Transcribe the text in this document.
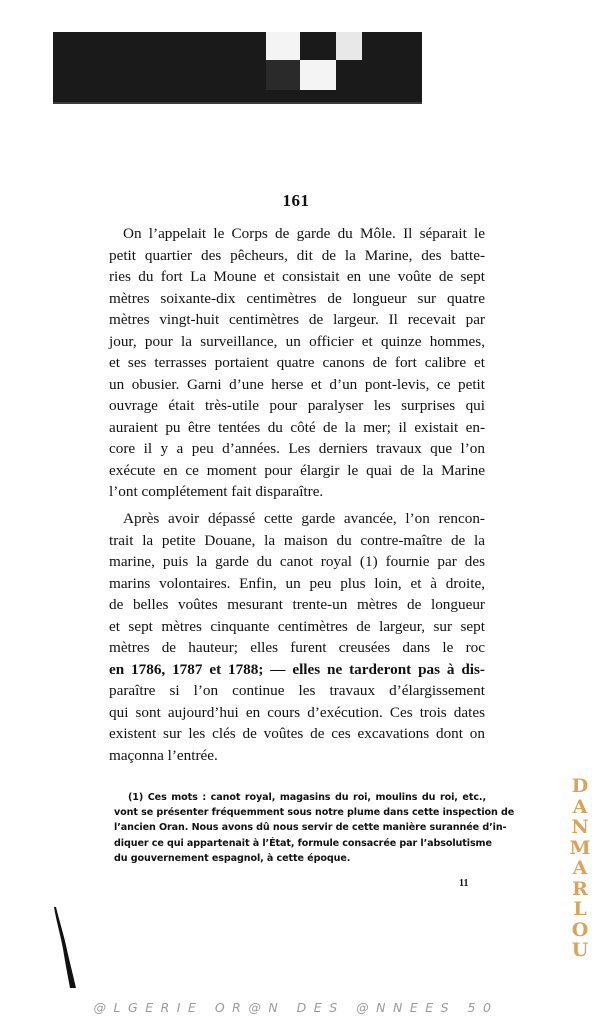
161
On l’appelait le Corps de garde du Môle. Il séparait le
petit quartier des pêcheurs, dit de la Marine, des batte-
ries du fort La Moune et consistait en une voûte de sept
mètres soixante-dix centimètres de longueur sur quatre
mètres vingt-huit centimètres de largeur. Il recevait par
jour, pour la surveillance, un officier et quinze hommes,
et ses terrasses portaient quatre canons de fort calibre et
un obusier. Garni d’une herse et d’un pont-levis, ce petit
ouvrage était très-utile pour paralyser les surprises qui
auraient pu être tentées du côté de la mer; il existait en-
core il y a peu d’années. Les derniers travaux que l’on
exécute en ce moment pour élargir le quai de la Marine
l’ont complétement fait disparaître.
Après avoir dépassé cette garde avancée, l’on rencon-
trait la petite Douane, la maison du contre-maître de la
marine, puis la garde du canot royal (1) fournie par des
marins volontaires. Enfin, un peu plus loin, et à droite,
de belles voûtes mesurant trente-un mètres de longueur
et sept mètres cinquante centimètres de largeur, sur sept
mètres de hauteur; elles furent creusées dans le roc
en 1786, 1787 et 1788; — elles ne tarderont pas à dis-
paraître si l’on continue les travaux d’élargissement
qui sont aujourd’hui en cours d’exécution. Ces trois dates
existent sur les clés de voûtes de ces excavations dont on
maçonna l’entrée.
(1) Ces mots : canot royal, magasins du roi, moulins du roi, etc.,
vont se présenter fréquemment sous notre plume dans cette inspection de
l’ancien Oran. Nous avons dû nous servir de cette manière surannée d’in-
diquer ce qui appartenait à l’État, formule consacrée par l’absolutisme
du gouvernement espagnol, à cette époque.
11
D
A
N
M
A
R
L
O
U
@LGERIE OR@N DES @NNEES 50
